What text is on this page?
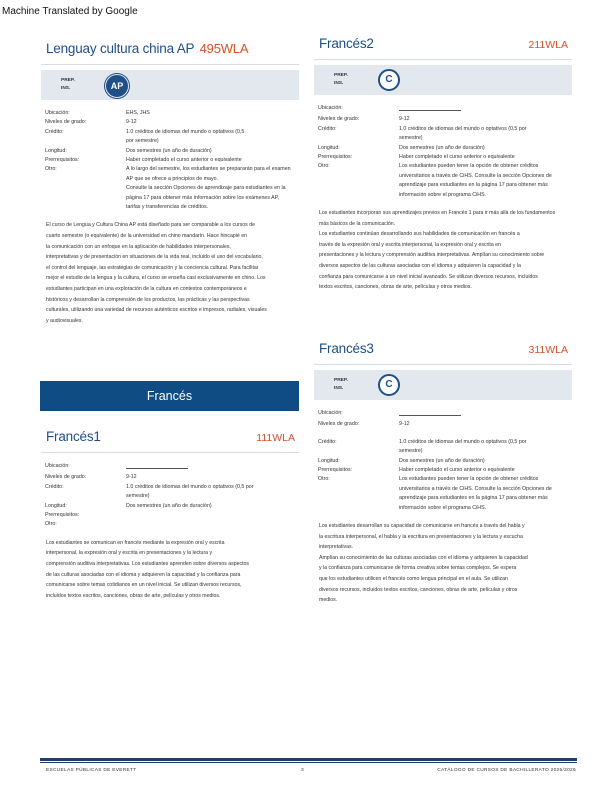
Machine Translated by Google
Lenguay cultura china AP 495WLA
PREP.
INS.	AP
Ubicación:	EHS, JHS
Niveles de grado:	9-12
Crédito:	1.0 créditos de idiomas del mundo o optativos (0,5
por semestre)
Longitud:	Dos semestres (un año de duración)
Prerrequisitos:	Haber completado el curso anterior o equivalente
Otro:	A lo largo del semestre, los estudiantes se prepararán para el examen
AP que se ofrece a principios de mayo.
Consulte la sección Opciones de aprendizaje para estudiantes en la
página 17 para obtener más información sobre los exámenes AP,
tarifas y transferencias de créditos.
El curso de Lengua y Cultura China AP está diseñado para ser comparable a los cursos de
cuarto semestre (o equivalente) de la universidad en chino mandarín. Hace hincapié en
la comunicación con un enfoque en la aplicación de habilidades interpersonales,
interpretativas y de presentación en situaciones de la vida real, incluido el uso del vocabulario,
el control del lenguaje, las estrategias de comunicación y la conciencia cultural. Para facilitar
mejor el estudio de la lengua y la cultura, el curso se enseña casi exclusivamente en chino. Los
estudiantes participan en una exploración de la cultura en contextos contemporáneos e
históricos y desarrollan la comprensión de los productos, las prácticas y las perspectivas
culturales, utilizando una variedad de recursos auténticos escritos e impresos, radiales, visuales
y audiovisuales.
Francés
Francés1	111WLA
Ubicación:
Niveles de grado:	9-12
Crédito:	1.0 créditos de idiomas del mundo o optativos (0,5 por
semestre)
Longitud:	Dos semestres (un año de duración)
Prerrequisitos:
Otro:
Los estudiantes se comunican en francés mediante la expresión oral y escrita
interpersonal, la expresión oral y escrita en presentaciones y la lectura y
comprensión auditiva interpretativas. Los estudiantes aprenden sobre diversos aspectos
de las culturas asociadas con el idioma y adquieren la capacidad y la confianza para
comunicarse sobre temas cotidianos en un nivel inicial. Se utilizan diversos recursos,
incluidos textos escritos, canciones, obras de arte, películas y otros medios.
Francés2	211WLA
PREP.
INS.	C
Ubicación:
Niveles de grado:	9-12
Crédito:	1.0 créditos de idiomas del mundo o optativos (0,5 por
semestre)
Longitud:	Dos semestres (un año de duración)
Prerrequisitos:	Haber completado el curso anterior o equivalente
Otro:	Los estudiantes pueden tener la opción de obtener créditos
universitarios a través de CiHS. Consulte la sección Opciones de
aprendizaje para estudiantes en la página 17 para obtener más
información sobre el programa CiHS.
Los estudiantes incorporan sus aprendizajes previos en Francés 1 para ir más allá de los fundamentos
más básicos de la comunicación.
Los estudiantes continúan desarrollando sus habilidades de comunicación en francés a
través de la expresión oral y escrita interpersonal, la expresión oral y escrita en
presentaciones y la lectura y comprensión auditiva interpretativas. Amplían su conocimiento sobre
diversos aspectos de las culturas asociadas con el idioma y adquieren la capacidad y la
confianza para comunicarse a un nivel inicial avanzado. Se utilizan diversos recursos, incluidos
textos escritos, canciones, obras de arte, películas y otros medios.
Francés3	311WLA
PREP.
INS.	C
Ubicación:
Niveles de grado:	9-12
Crédito:	1.0 créditos de idiomas del mundo o optativos (0,5 por
semestre)
Longitud:	Dos semestres (un año de duración)
Prerrequisitos:	Haber completado el curso anterior o equivalente
Otro:	Los estudiantes pueden tener la opción de obtener créditos
universitarios a través de CiHS. Consulte la sección Opciones de
aprendizaje para estudiantes en la página 17 para obtener más
información sobre el programa CiHS.
Los estudiantes desarrollan su capacidad de comunicarse en francés a través del habla y
la escritura interpersonal, el habla y la escritura en presentaciones y la lectura y escucha
interpretativas.
Amplían su conocimiento de las culturas asociadas con el idioma y adquieren la capacidad
y la confianza para comunicarse de forma creativa sobre temas complejos. Se espera
que los estudiantes utilicen el francés como lengua principal en el aula. Se utilizan
diversos recursos, incluidos textos escritos, canciones, obras de arte, películas y otros
medios.
ESCUELAS PÚBLICAS DE EVERETT	3	CATÁLOGO DE CURSOS DE BACHILLERATO 2025/2026
